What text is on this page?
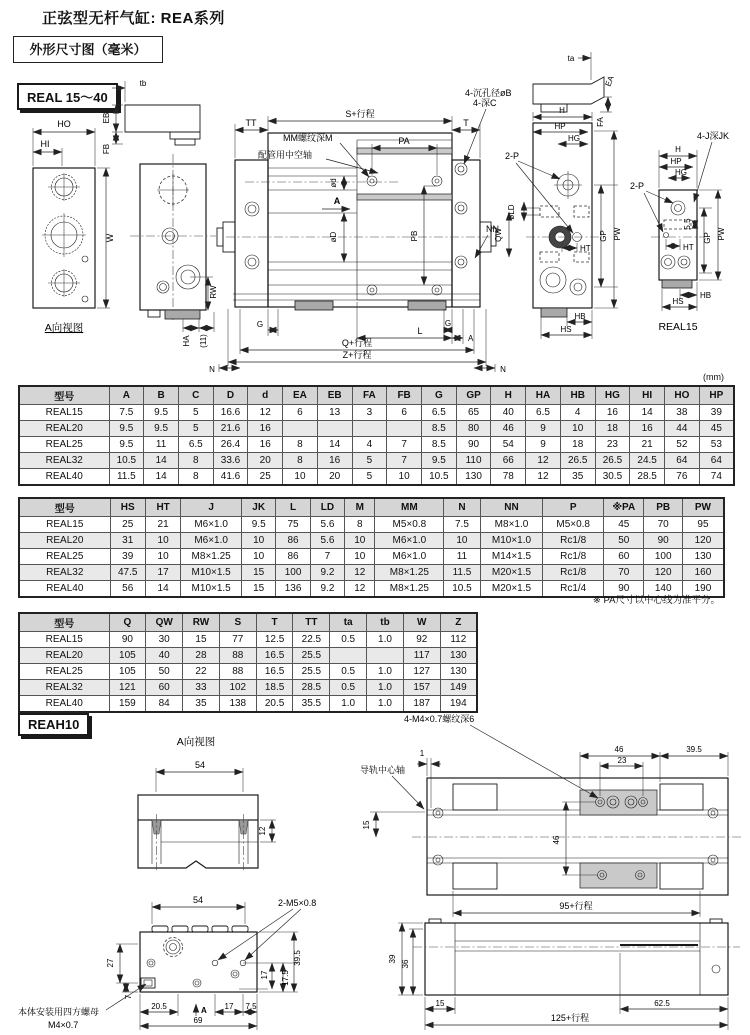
正弦型无杆气缸: REA系列
外形尺寸图（毫米）
REAL 15～40
HO
HI
W
A向视图
tb
EB
FB
RW
HA (11)
TT
S+行程
T
PA
MM螺纹深M
配管用中空轴
A
ød
øD	PB
4-沉孔径øB
4-深C
NN
G	G
L
A
Q+行程
Z+行程
N	N
ta
EA
FA
H
HP
HG
2-P
øLD
QW
HT
GP PW
HB
HS
4-J深JK
H
HP
HG
2-P
5.5
HT
GP PW
HB
HS
REAL15
(mm)
型号	A	B	C	D	d	EA	EB	FA	FB	G	GP	H	HA	HB	HG	HI	HO	HP
REAL15	7.5	9.5	5	16.6	12	6	13	3	6	6.5	65	40	6.5	4	16	14	38	39
REAL20	9.5	9.5	5	21.6	16					8.5	80	46	9	10	18	16	44	45
REAL25	9.5	11	6.5	26.4	16	8	14	4	7	8.5	90	54	9	18	23	21	52	53
REAL32	10.5	14	8	33.6	20	8	16	5	7	9.5	110	66	12	26.5	26.5	24.5	64	64
REAL40	11.5	14	8	41.6	25	10	20	5	10	10.5	130	78	12	35	30.5	28.5	76	74
型号	HS	HT	J	JK	L	LD	M	MM	N	NN	P	※PA	PB	PW
REAL15	25	21	M6×1.0	9.5	75	5.6	8	M5×0.8	7.5	M8×1.0	M5×0.8	45	70	95
REAL20	31	10	M6×1.0	10	86	5.6	10	M6×1.0	10	M10×1.0	Rc1/8	50	90	120
REAL25	39	10	M8×1.25	10	86	7	10	M6×1.0	11	M14×1.5	Rc1/8	60	100	130
REAL32	47.5	17	M10×1.5	15	100	9.2	12	M8×1.25	11.5	M20×1.5	Rc1/8	70	120	160
REAL40	56	14	M10×1.5	15	136	9.2	12	M8×1.25	10.5	M20×1.5	Rc1/4	90	140	190
※ PA尺寸以中心线为准平分。
型号	Q	QW	RW	S	T	TT	ta	tb	W	Z
REAL15	90	30	15	77	12.5	22.5	0.5	1.0	92	112
REAL20	105	40	28	88	16.5	25.5			117	130
REAL25	105	50	22	88	16.5	25.5	0.5	1.0	127	130
REAL32	121	60	33	102	18.5	28.5	0.5	1.0	157	149
REAL40	159	84	35	138	20.5	35.5	1.0	1.0	187	194
REAH10
A向视图
54
12
54	2-M5×0.8
27
7
17 17.5
39.5
20.5	A 17 7.5
69
本体安装用四方螺母
M4×0.7
4-M4×0.7螺纹深6
1
导轨中心轴
15
46
46
23
39.5
95+行程
39
36
15	62.5
125+行程
